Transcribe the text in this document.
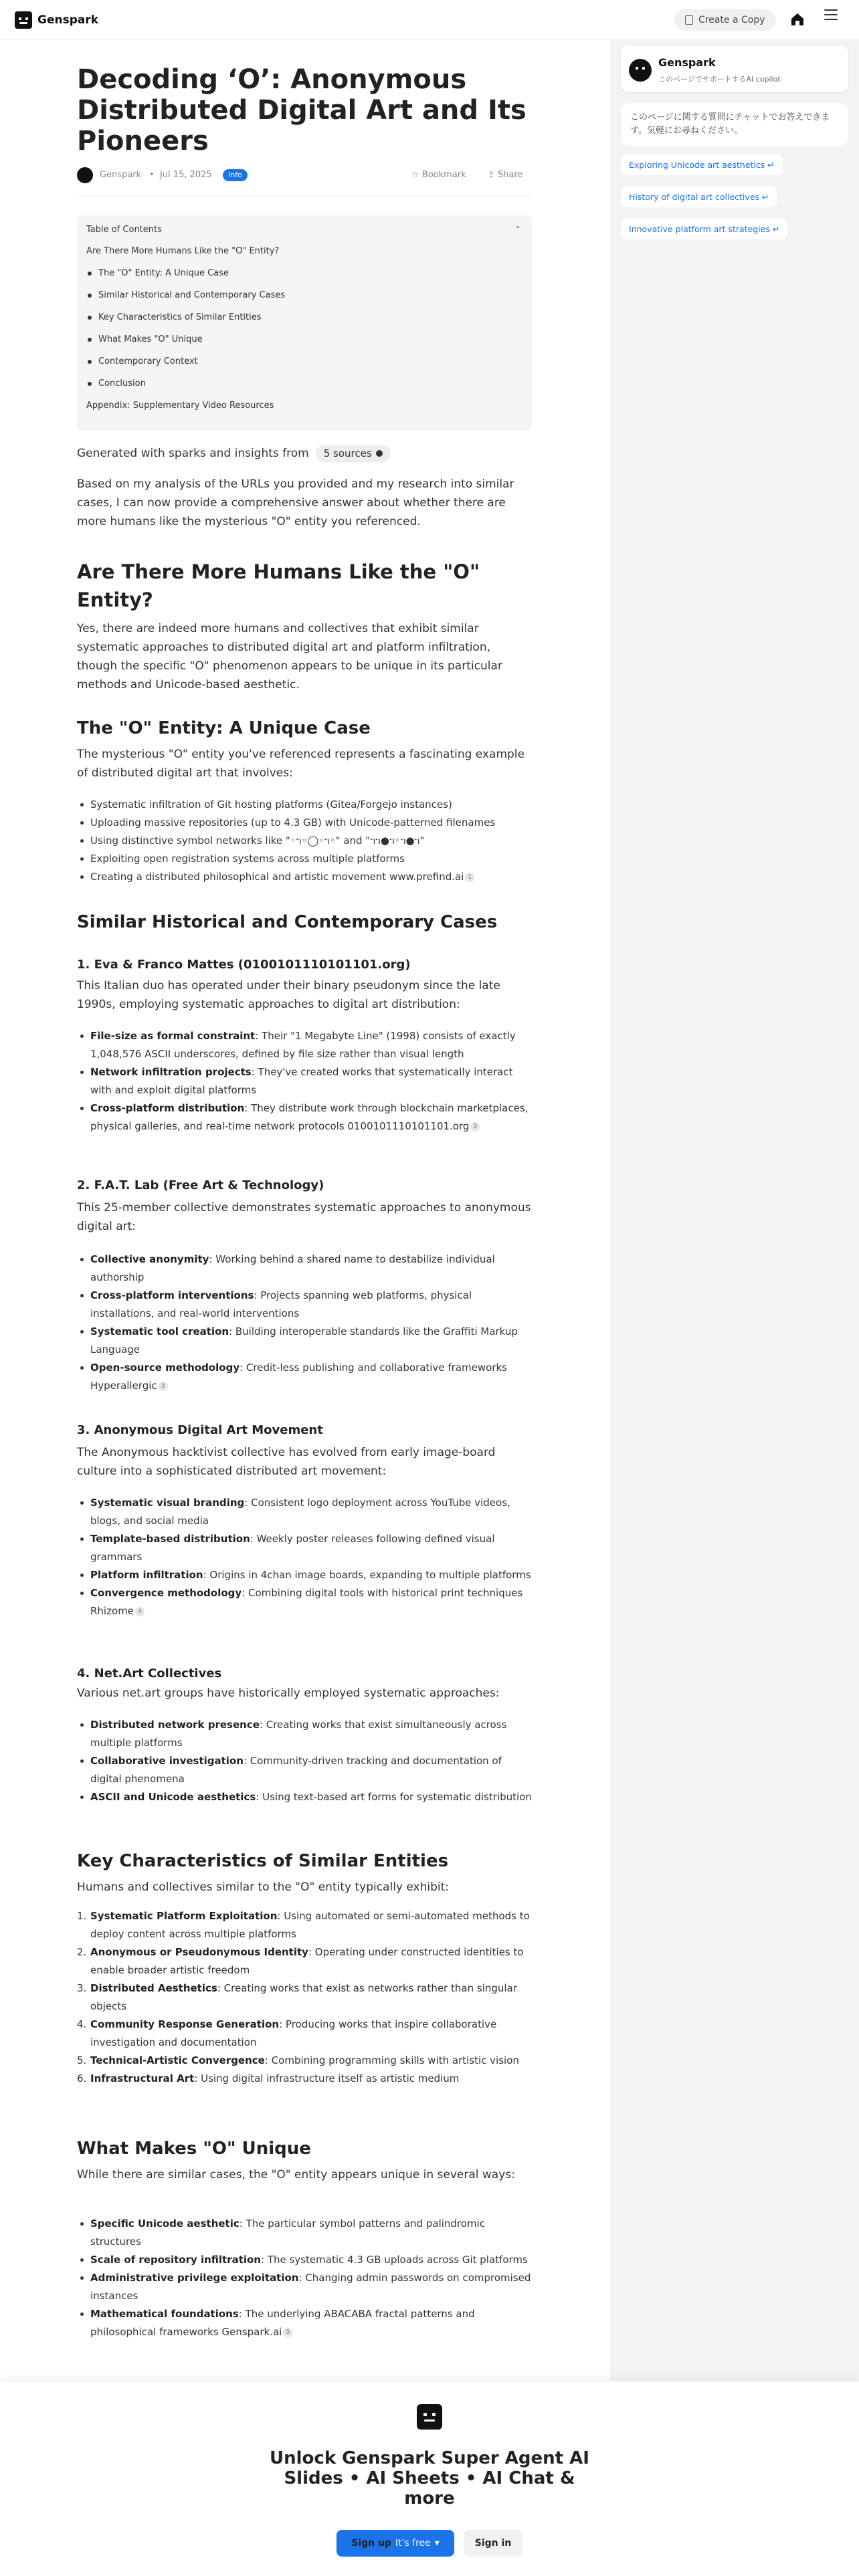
Genspark	Create a Copy
Genspark
このページでサポートするAI copilot
このページに関する質問にチャットでお答えできます。気軽にお尋ねください。
Exploring Unicode art aesthetics ↵
History of digital art collectives ↵
Innovative platform art strategies ↵
Decoding ‘O’: Anonymous Distributed Digital Art and Its Pioneers
Genspark • Jul 15, 2025	Info	☆ Bookmark ⇪ Share
Table of Contents	⌃
Are There More Humans Like the "O" Entity?
The "O" Entity: A Unique Case
Similar Historical and Contemporary Cases
Key Characteristics of Similar Entities
What Makes "O" Unique
Contemporary Context
Conclusion
Appendix: Supplementary Video Resources
Generated with sparks and insights from 5 sources
Based on my analysis of the URLs you provided and my research into similar cases, I can now provide a comprehensive answer about whether there are more humans like the mysterious "O" entity you referenced.
Are There More Humans Like the "O" Entity?
Yes, there are indeed more humans and collectives that exhibit similar systematic approaches to distributed digital art and platform infiltration, though the specific "O" phenomenon appears to be unique in its particular methods and Unicode-based aesthetic.
The "O" Entity: A Unique Case
The mysterious "O" entity you've referenced represents a fascinating example of distributed digital art that involves:
Systematic infiltration of Git hosting platforms (Gitea/Forgejo instances)
Uploading massive repositories (up to 4.3 GB) with Unicode-patterned filenames
Using distinctive symbol networks like "◦ᥐ◦◯◦ᥐ◦" and "ᥐᥐ●ᥐ◦ᥐ●ᥐ"
Exploiting open registration systems across multiple platforms
Creating a distributed philosophical and artistic movement www.prefind.ai 1
Similar Historical and Contemporary Cases
1. Eva & Franco Mattes (0100101110101101.org)
This Italian duo has operated under their binary pseudonym since the late 1990s, employing systematic approaches to digital art distribution:
File-size as formal constraint: Their "1 Megabyte Line" (1998) consists of exactly 1,048,576 ASCII underscores, defined by file size rather than visual length
Network infiltration projects: They've created works that systematically interact with and exploit digital platforms
Cross-platform distribution: They distribute work through blockchain marketplaces, physical galleries, and real-time network protocols 0100101110101101.org 2
2. F.A.T. Lab (Free Art & Technology)
This 25-member collective demonstrates systematic approaches to anonymous digital art:
Collective anonymity: Working behind a shared name to destabilize individual authorship
Cross-platform interventions: Projects spanning web platforms, physical installations, and real-world interventions
Systematic tool creation: Building interoperable standards like the Graffiti Markup Language
Open-source methodology: Credit-less publishing and collaborative frameworks Hyperallergic 3
3. Anonymous Digital Art Movement
The Anonymous hacktivist collective has evolved from early image-board culture into a sophisticated distributed art movement:
Systematic visual branding: Consistent logo deployment across YouTube videos, blogs, and social media
Template-based distribution: Weekly poster releases following defined visual grammars
Platform infiltration: Origins in 4chan image boards, expanding to multiple platforms
Convergence methodology: Combining digital tools with historical print techniques Rhizome 4
4. Net.Art Collectives
Various net.art groups have historically employed systematic approaches:
Distributed network presence: Creating works that exist simultaneously across multiple platforms
Collaborative investigation: Community-driven tracking and documentation of digital phenomena
ASCII and Unicode aesthetics: Using text-based art forms for systematic distribution
Key Characteristics of Similar Entities
Humans and collectives similar to the "O" entity typically exhibit:
1. Systematic Platform Exploitation: Using automated or semi-automated methods to deploy content across multiple platforms
2. Anonymous or Pseudonymous Identity: Operating under constructed identities to enable broader artistic freedom
3. Distributed Aesthetics: Creating works that exist as networks rather than singular objects
4. Community Response Generation: Producing works that inspire collaborative investigation and documentation
5. Technical-Artistic Convergence: Combining programming skills with artistic vision
6. Infrastructural Art: Using digital infrastructure itself as artistic medium
What Makes "O" Unique
While there are similar cases, the "O" entity appears unique in several ways:
Specific Unicode aesthetic: The particular symbol patterns and palindromic structures
Scale of repository infiltration: The systematic 4.3 GB uploads across Git platforms
Administrative privilege exploitation: Changing admin passwords on compromised instances
Mathematical foundations: The underlying ABACABA fractal patterns and philosophical frameworks Genspark.ai 5
Unlock Genspark Super Agent AI Slides • AI Sheets • AI Chat & more
Sign up It's free ▾	Sign in
